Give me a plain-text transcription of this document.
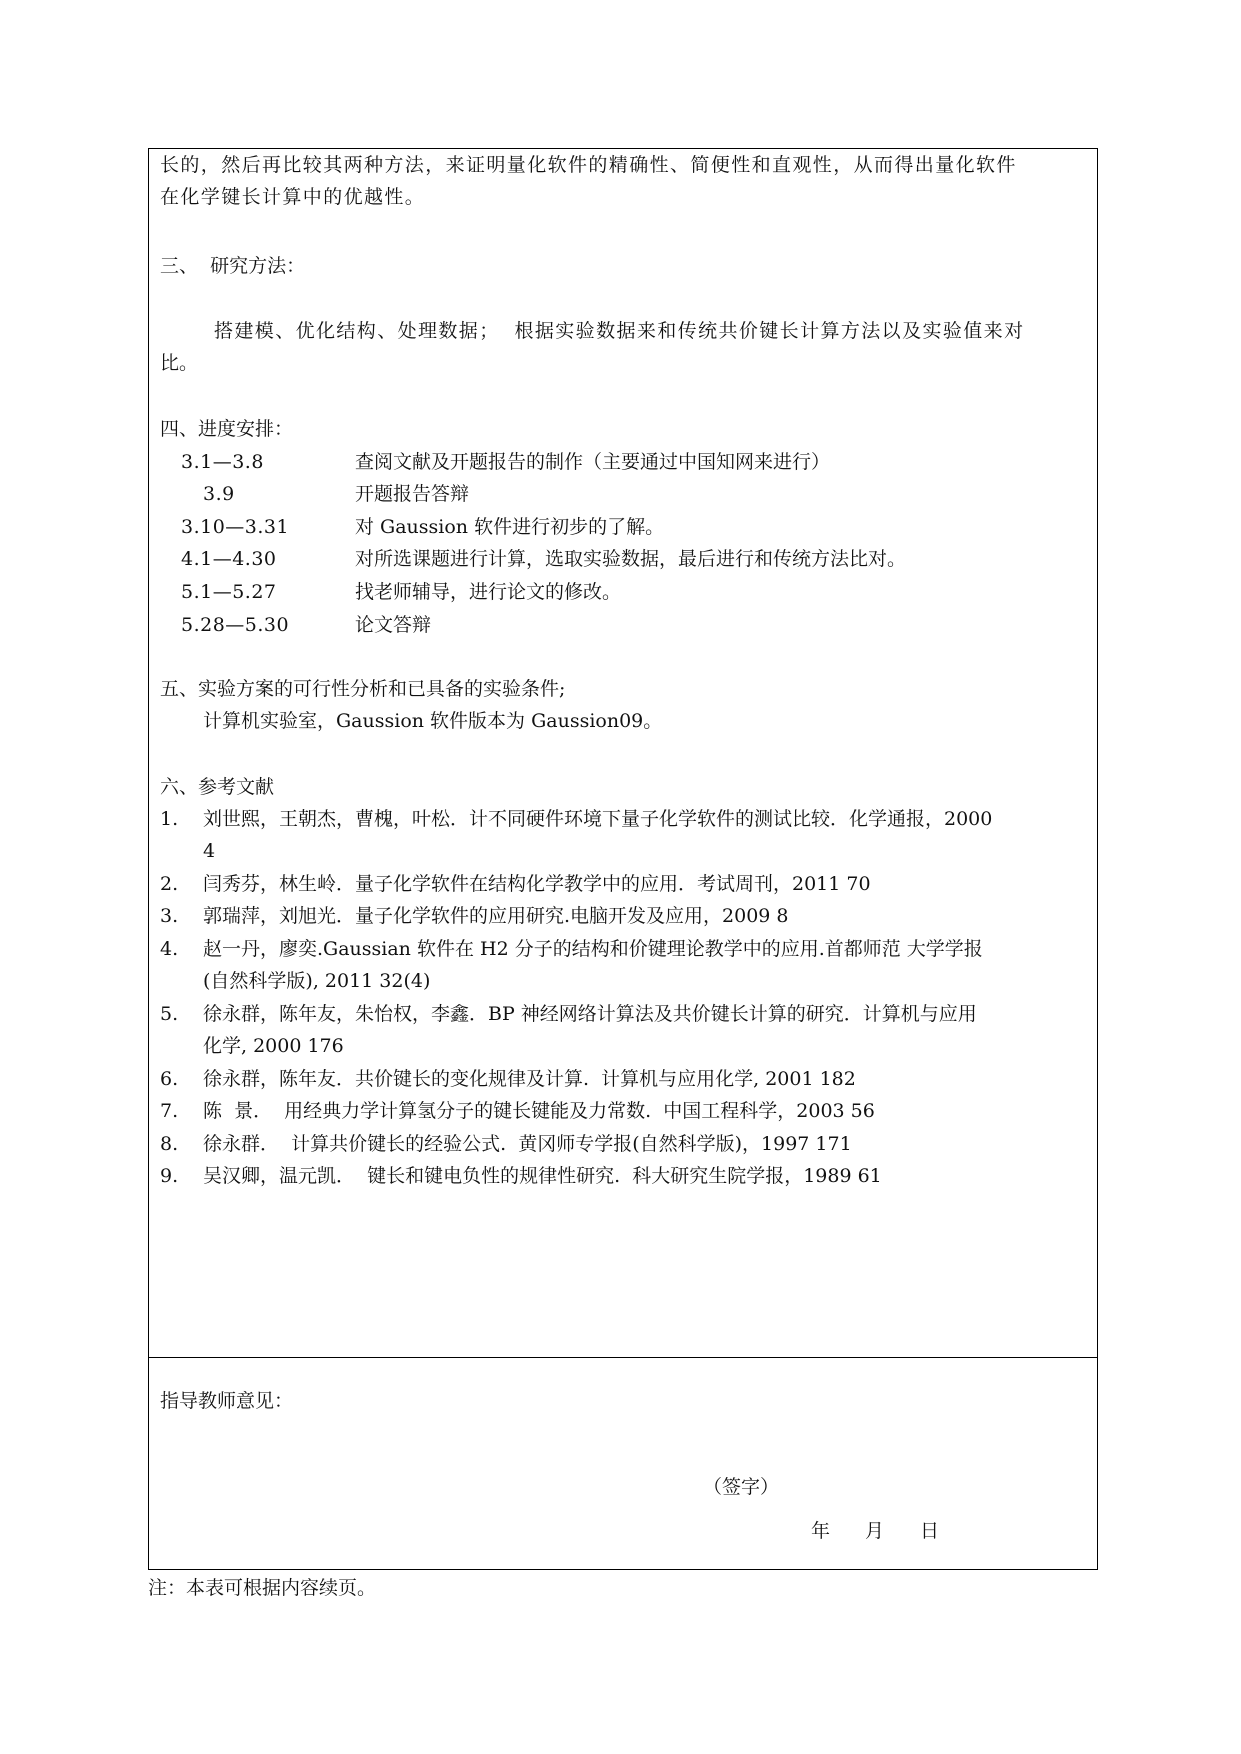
长的，然后再比较其两种方法，来证明量化软件的精确性、简便性和直观性，从而得出量化软件
在化学键长计算中的优越性。
三、  研究方法：
搭建模、优化结构、处理数据；  根据实验数据来和传统共价键长计算方法以及实验值来对
比。
四、进度安排：
3.1—3.8	查阅文献及开题报告的制作（主要通过中国知网来进行）
3.9	开题报告答辩
3.10—3.31	对 Gaussion 软件进行初步的了解。
4.1—4.30	对所选课题进行计算，选取实验数据，最后进行和传统方法比对。
5.1—5.27	找老师辅导，进行论文的修改。
5.28—5.30	论文答辩
五、实验方案的可行性分析和已具备的实验条件;
计算机实验室，Gaussion 软件版本为 Gaussion09。
六、参考文献
1. 刘世熙，王朝杰，曹槐，叶松．计不同硬件环境下量子化学软件的测试比较．化学通报，2000
4
2. 闫秀芬，林生岭．量子化学软件在结构化学教学中的应用．考试周刊，2011 70
3. 郭瑞萍，刘旭光．量子化学软件的应用研究.电脑开发及应用，2009 8
4. 赵一丹，廖奕.Gaussian 软件在 H2 分子的结构和价键理论教学中的应用.首都师范 大学学报
(自然科学版), 2011 32(4)
5. 徐永群，陈年友，朱怡权，李鑫．BP 神经网络计算法及共价键长计算的研究．计算机与应用
化学, 2000 176
6. 徐永群，陈年友．共价键长的变化规律及计算.  计算机与应用化学, 2001 182
7. 陈  景．  用经典力学计算氢分子的键长键能及力常数.  中国工程科学，2003 56
8. 徐永群．  计算共价键长的经验公式.  黄冈师专学报(自然科学版)，1997 171
9. 吴汉卿，温元凯．  键长和键电负性的规律性研究.  科大研究生院学报，1989 61
指导教师意见：
（签字）
年 月 日
注：本表可根据内容续页。
